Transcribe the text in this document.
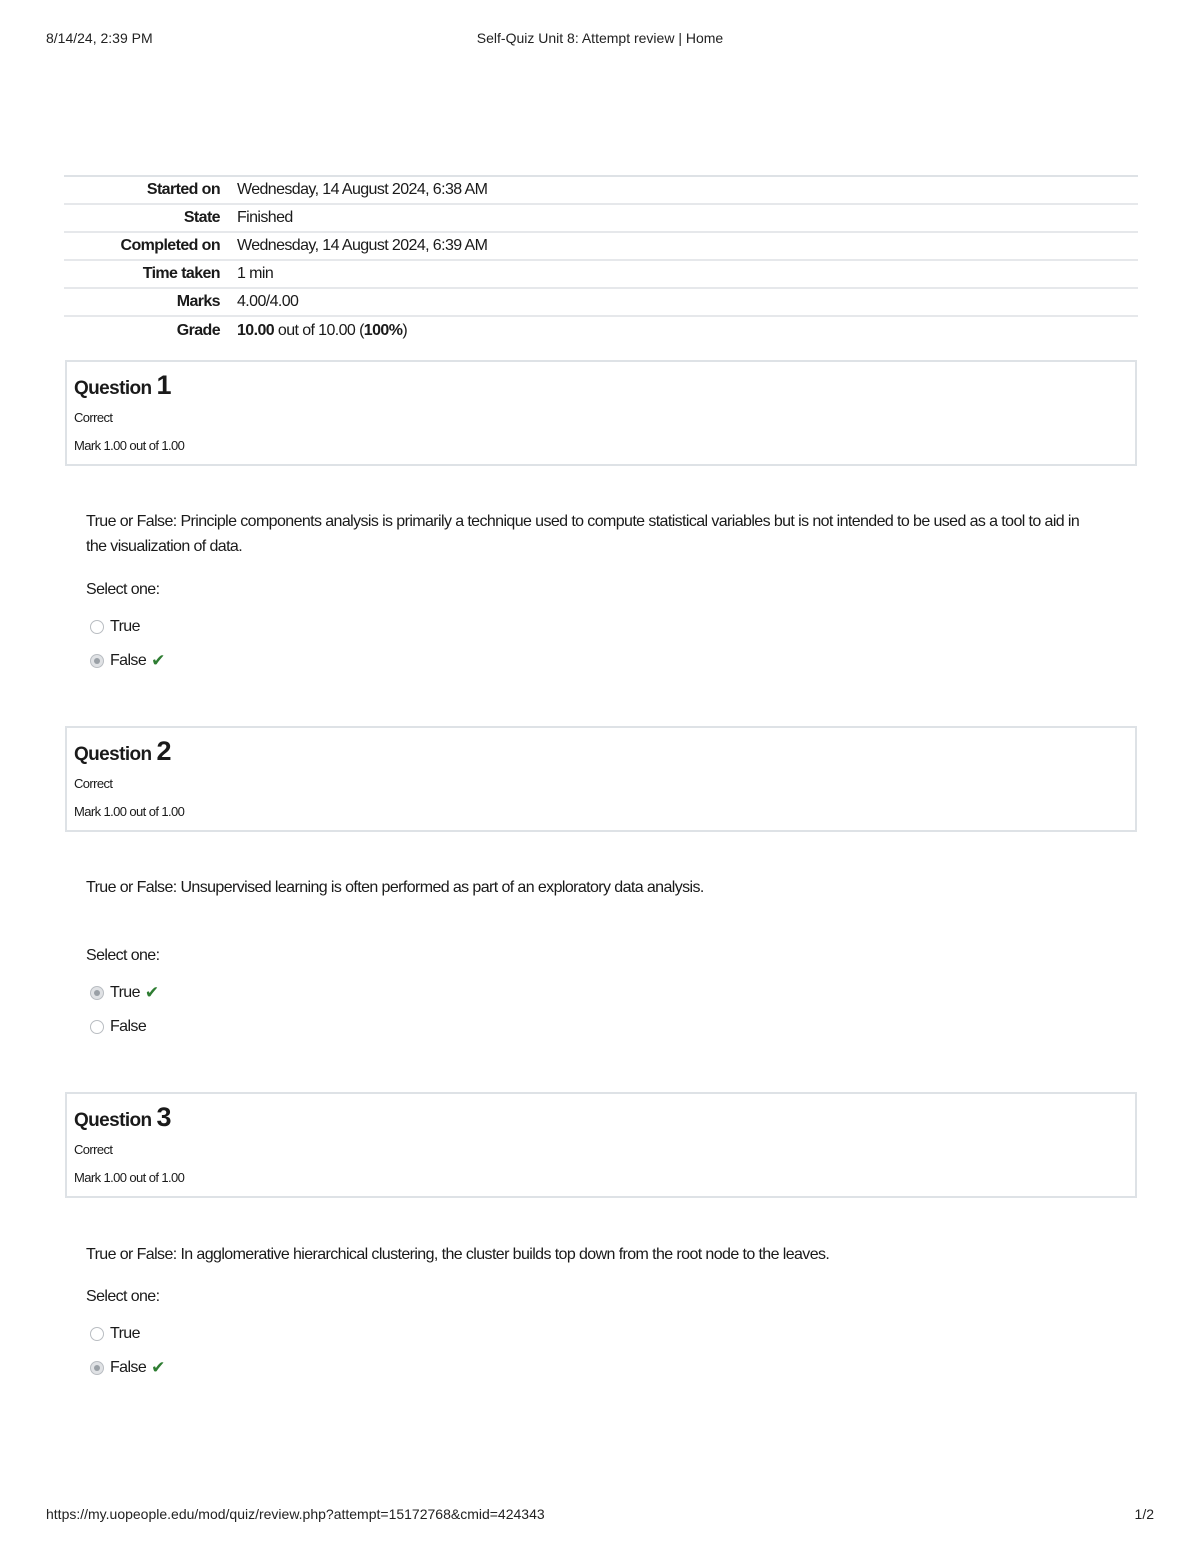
8/14/24, 2:39 PM	Self-Quiz Unit 8: Attempt review | Home
Started on	Wednesday, 14 August 2024, 6:38 AM
State	Finished
Completed on	Wednesday, 14 August 2024, 6:39 AM
Time taken	1 min
Marks	4.00/4.00
Grade	10.00 out of 10.00 (100%)
Question 1
Correct
Mark 1.00 out of 1.00
True or False: Principle components analysis is primarily a technique used to compute statistical variables but is not intended to be used as a tool to aid in the visualization of data.
Select one:
True
False ✔
Question 2
Correct
Mark 1.00 out of 1.00
True or False: Unsupervised learning is often performed as part of an exploratory data analysis.
Select one:
True ✔
False
Question 3
Correct
Mark 1.00 out of 1.00
True or False: In agglomerative hierarchical clustering, the cluster builds top down from the root node to the leaves.
Select one:
True
False ✔
https://my.uopeople.edu/mod/quiz/review.php?attempt=15172768&cmid=424343	1/2
